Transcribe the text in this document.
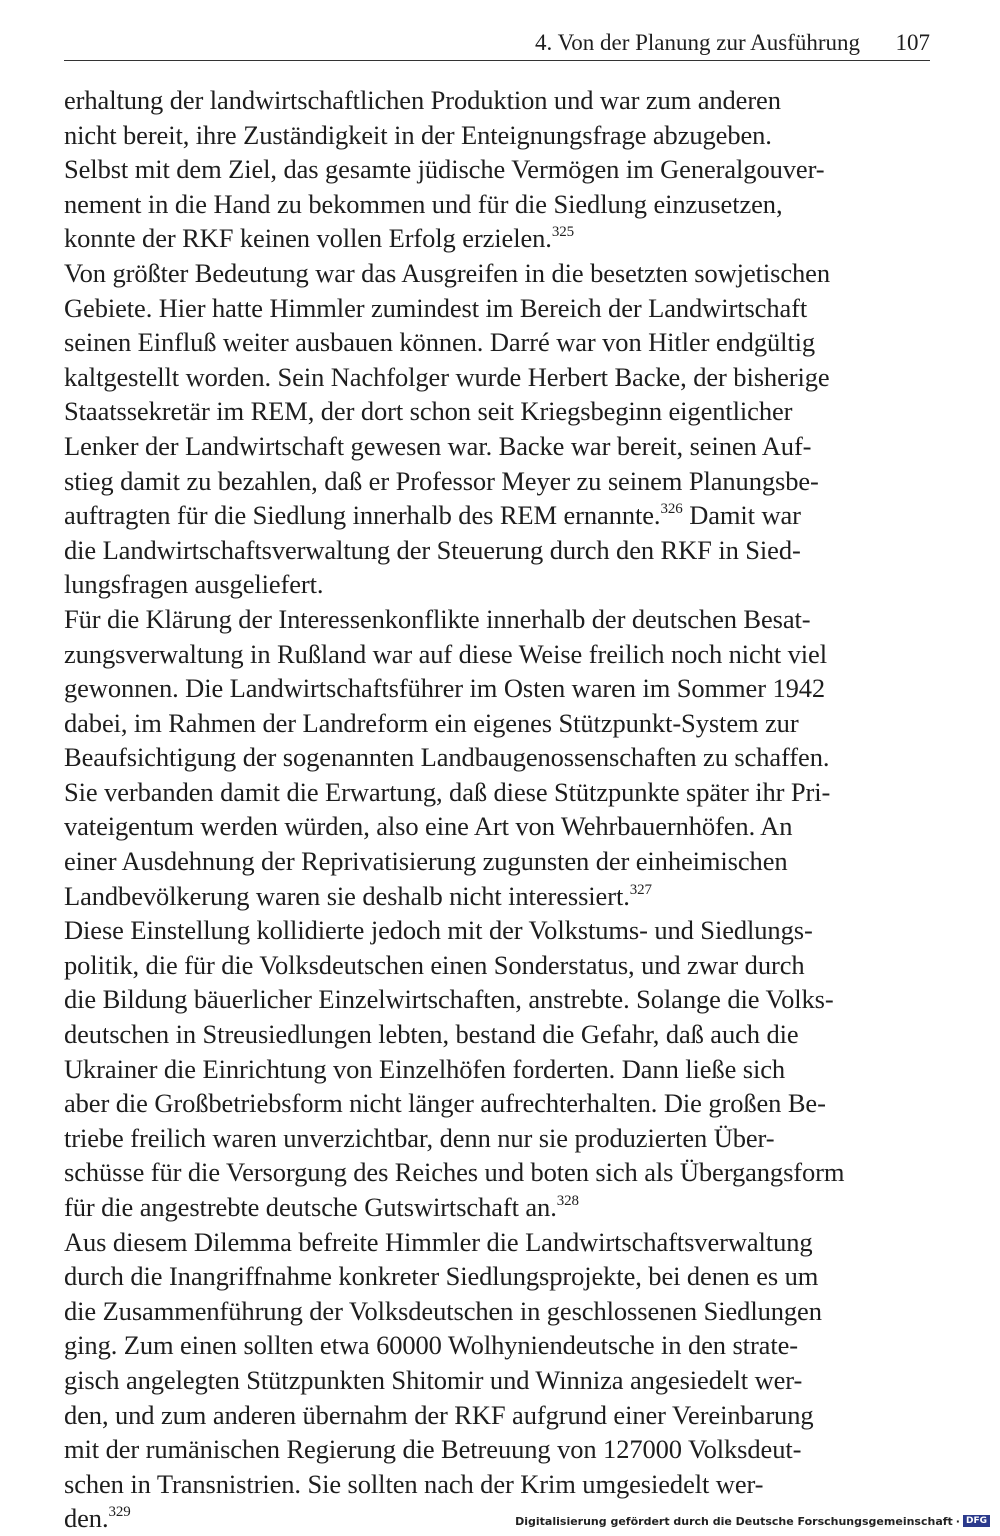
4. Von der Planung zur Ausführung 107
erhaltung der landwirtschaftlichen Produktion und war zum anderen
nicht bereit, ihre Zuständigkeit in der Enteignungsfrage abzugeben.
Selbst mit dem Ziel, das gesamte jüdische Vermögen im Generalgouver-
nement in die Hand zu bekommen und für die Siedlung einzusetzen,
konnte der RKF keinen vollen Erfolg erzielen.$^{325}$
Von größter Bedeutung war das Ausgreifen in die besetzten sowjetischen
Gebiete. Hier hatte Himmler zumindest im Bereich der Landwirtschaft
seinen Einfluß weiter ausbauen können. Darré war von Hitler endgültig
kaltgestellt worden. Sein Nachfolger wurde Herbert Backe, der bisherige
Staatssekretär im REM, der dort schon seit Kriegsbeginn eigentlicher
Lenker der Landwirtschaft gewesen war. Backe war bereit, seinen Auf-
stieg damit zu bezahlen, daß er Professor Meyer zu seinem Planungsbe-
auftragten für die Siedlung innerhalb des REM ernannte.$^{326}$ Damit war
die Landwirtschaftsverwaltung der Steuerung durch den RKF in Sied-
lungsfragen ausgeliefert.
Für die Klärung der Interessenkonflikte innerhalb der deutschen Besat-
zungsverwaltung in Rußland war auf diese Weise freilich noch nicht viel
gewonnen. Die Landwirtschaftsführer im Osten waren im Sommer 1942
dabei, im Rahmen der Landreform ein eigenes Stützpunkt-System zur
Beaufsichtigung der sogenannten Landbaugenossenschaften zu schaffen.
Sie verbanden damit die Erwartung, daß diese Stützpunkte später ihr Pri-
vateigentum werden würden, also eine Art von Wehrbauernhöfen. An
einer Ausdehnung der Reprivatisierung zugunsten der einheimischen
Landbevölkerung waren sie deshalb nicht interessiert.$^{327}$
Diese Einstellung kollidierte jedoch mit der Volkstums- und Siedlungs-
politik, die für die Volksdeutschen einen Sonderstatus, und zwar durch
die Bildung bäuerlicher Einzelwirtschaften, anstrebte. Solange die Volks-
deutschen in Streusiedlungen lebten, bestand die Gefahr, daß auch die
Ukrainer die Einrichtung von Einzelhöfen forderten. Dann ließe sich
aber die Großbetriebsform nicht länger aufrechterhalten. Die großen Be-
triebe freilich waren unverzichtbar, denn nur sie produzierten Über-
schüsse für die Versorgung des Reiches und boten sich als Übergangsform
für die angestrebte deutsche Gutswirtschaft an.$^{328}$
Aus diesem Dilemma befreite Himmler die Landwirtschaftsverwaltung
durch die Inangriffnahme konkreter Siedlungsprojekte, bei denen es um
die Zusammenführung der Volksdeutschen in geschlossenen Siedlungen
ging. Zum einen sollten etwa 60000 Wolhyniendeutsche in den strate-
gisch angelegten Stützpunkten Shitomir und Winniza angesiedelt wer-
den, und zum anderen übernahm der RKF aufgrund einer Vereinbarung
mit der rumänischen Regierung die Betreuung von 127000 Volksdeut-
schen in Transnistrien. Sie sollten nach der Krim umgesiedelt wer-
den.$^{329}$
Digitalisierung gefördert durch die Deutsche Forschungsgemeinschaft · DFG
